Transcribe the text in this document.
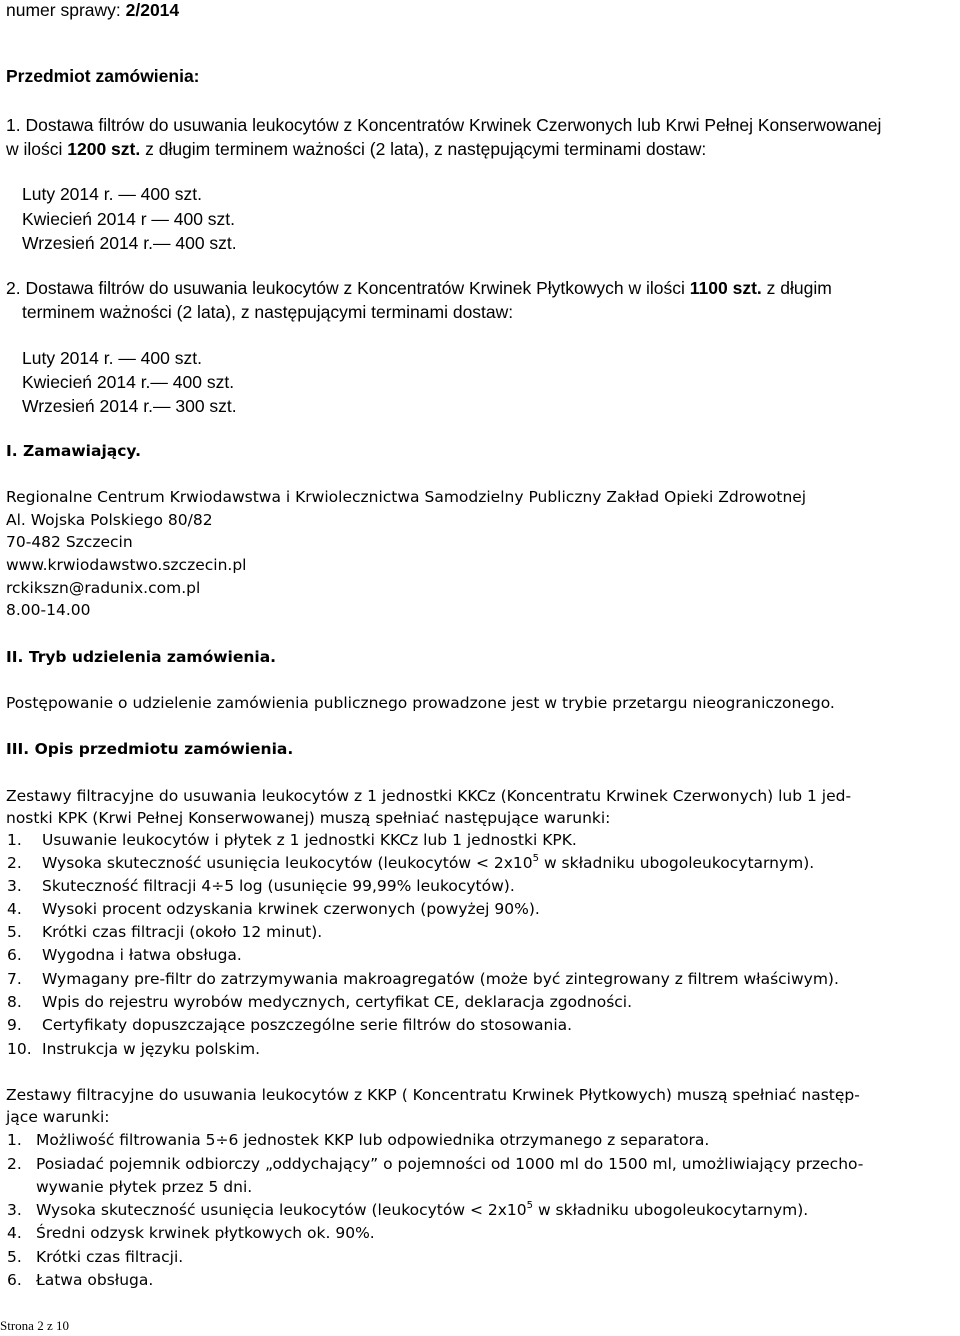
numer sprawy: 2/2014
Przedmiot zamówienia:
1. Dostawa filtrów do usuwania leukocytów z Koncentratów Krwinek Czerwonych lub Krwi Pełnej Konserwowanej
w ilości 1200 szt. z długim terminem ważności (2 lata), z następującymi terminami dostaw:
Luty 2014 r. — 400 szt.
Kwiecień 2014 r — 400 szt.
Wrzesień 2014 r.— 400 szt.
2. Dostawa filtrów do usuwania leukocytów z Koncentratów Krwinek Płytkowych w ilości 1100 szt. z długim
terminem ważności (2 lata), z następującymi terminami dostaw:
Luty 2014 r. — 400 szt.
Kwiecień 2014 r.— 400 szt.
Wrzesień 2014 r.— 300 szt.
I. Zamawiający.
Regionalne Centrum Krwiodawstwa i Krwiolecznictwa Samodzielny Publiczny Zakład Opieki Zdrowotnej
Al. Wojska Polskiego 80/82
70-482 Szczecin
www.krwiodawstwo.szczecin.pl
rckikszn@radunix.com.pl
8.00-14.00
II. Tryb udzielenia zamówienia.
Postępowanie o udzielenie zamówienia publicznego prowadzone jest w trybie przetargu nieograniczonego.
III. Opis przedmiotu zamówienia.
Zestawy filtracyjne do usuwania leukocytów z 1 jednostki KKCz (Koncentratu Krwinek Czerwonych) lub 1 jed-
nostki KPK (Krwi Pełnej Konserwowanej) muszą spełniać następujące warunki:
1. Usuwanie leukocytów i płytek z 1 jednostki KKCz lub 1 jednostki KPK.
2. Wysoka skuteczność usunięcia leukocytów (leukocytów < $2x10^5$ w składniku ubogoleukocytarnym).
3. Skuteczność filtracji 4÷5 log (usunięcie 99,99% leukocytów).
4. Wysoki procent odzyskania krwinek czerwonych (powyżej 90%).
5. Krótki czas filtracji (około 12 minut).
6. Wygodna i łatwa obsługa.
7. Wymagany pre-filtr do zatrzymywania makroagregatów (może być zintegrowany z filtrem właściwym).
8. Wpis do rejestru wyrobów medycznych, certyfikat CE, deklaracja zgodności.
9. Certyfikaty dopuszczające poszczególne serie filtrów do stosowania.
10. Instrukcja w języku polskim.
Zestawy filtracyjne do usuwania leukocytów z KKP ( Koncentratu Krwinek Płytkowych) muszą spełniać następ-
jące warunki:
1. Możliwość filtrowania 5÷6 jednostek KKP lub odpowiednika otrzymanego z separatora.
2. Posiadać pojemnik odbiorczy „oddychający” o pojemności od 1000 ml do 1500 ml, umożliwiający przecho-
wywanie płytek przez 5 dni.
3. Wysoka skuteczność usunięcia leukocytów (leukocytów < $2x10^5$ w składniku ubogoleukocytarnym).
4. Średni odzysk krwinek płytkowych ok. 90%.
5. Krótki czas filtracji.
6. Łatwa obsługa.
Strona 2 z 10
